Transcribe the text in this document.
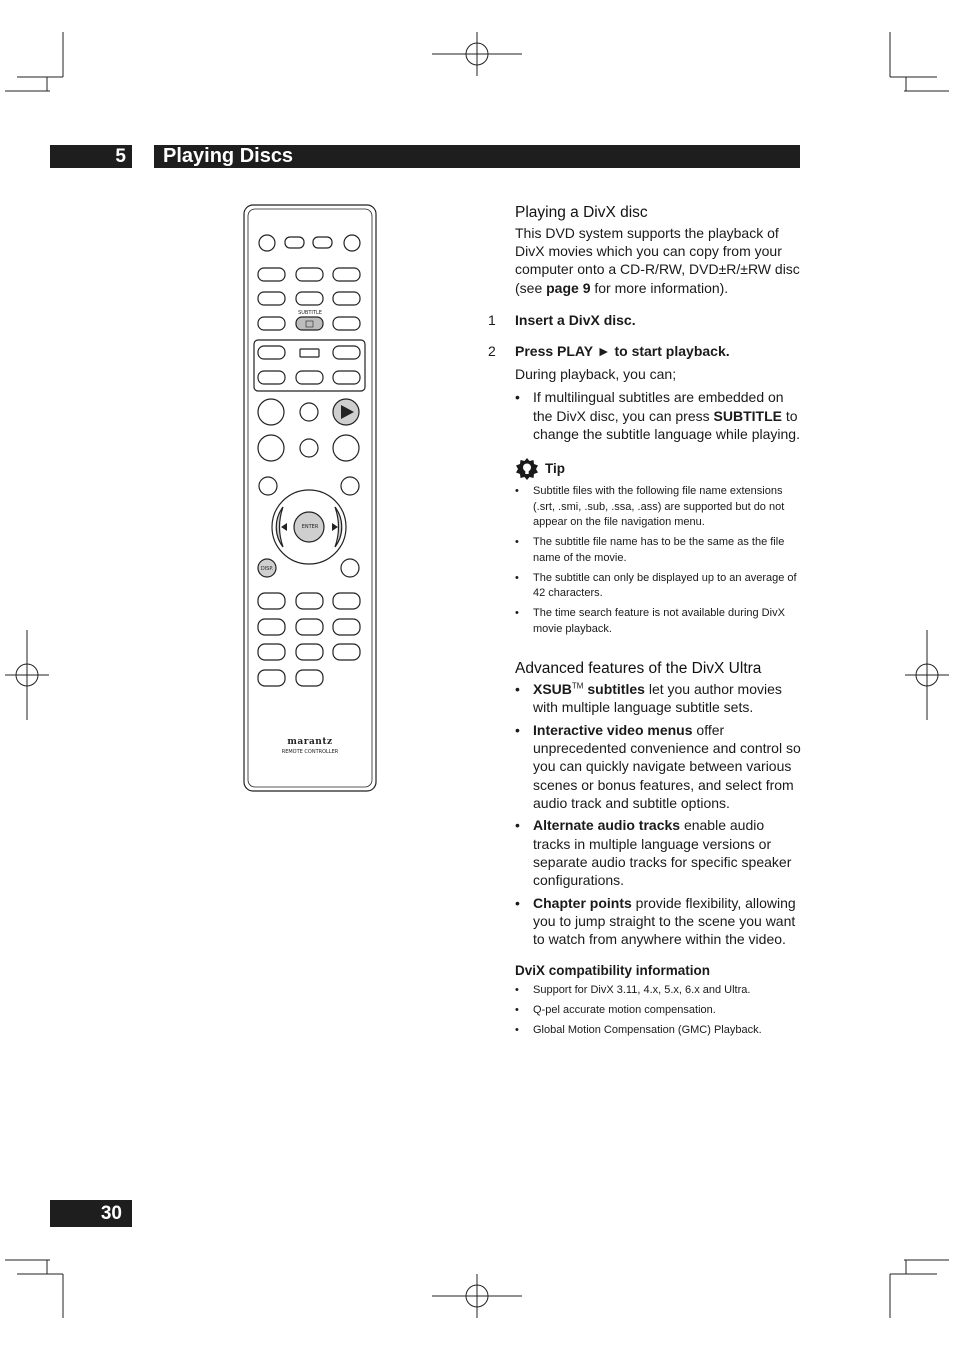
5	Playing Discs
SUBTITLE
ENTER
DISP.
marantz
REMOTE CONTROLLER
Playing a DivX disc

This DVD system supports the playback of DivX movies which you can copy from your computer onto a CD-R/RW, DVD±R/±RW disc (see page 9 for more information).

1 Insert a DivX disc.
2 Press PLAY ► to start playback.

During playback, you can;

• If multilingual subtitles are embedded on the DivX disc, you can press SUBTITLE to change the subtitle language while playing.
Tip
• Subtitle files with the following file name extensions (.srt, .smi, .sub, .ssa, .ass) are supported but do not appear on the file navigation menu.
• The subtitle file name has to be the same as the file name of the movie.
• The subtitle can only be displayed up to an average of 42 characters.
• The time search feature is not available during DivX movie playback.
Advanced features of the DivX Ultra
• XSUB™ subtitles let you author movies with multiple language subtitle sets.
• Interactive video menus offer unprecedented convenience and control so you can quickly navigate between various scenes or bonus features, and select from audio track and subtitle options.
• Alternate audio tracks enable audio tracks in multiple language versions or separate audio tracks for specific speaker configurations.
• Chapter points provide flexibility, allowing you to jump straight to the scene you want to watch from anywhere within the video.
DviX compatibility information
• Support for DivX 3.11, 4.x, 5.x, 6.x and Ultra.
• Q-pel accurate motion compensation.
• Global Motion Compensation (GMC) Playback.
30
